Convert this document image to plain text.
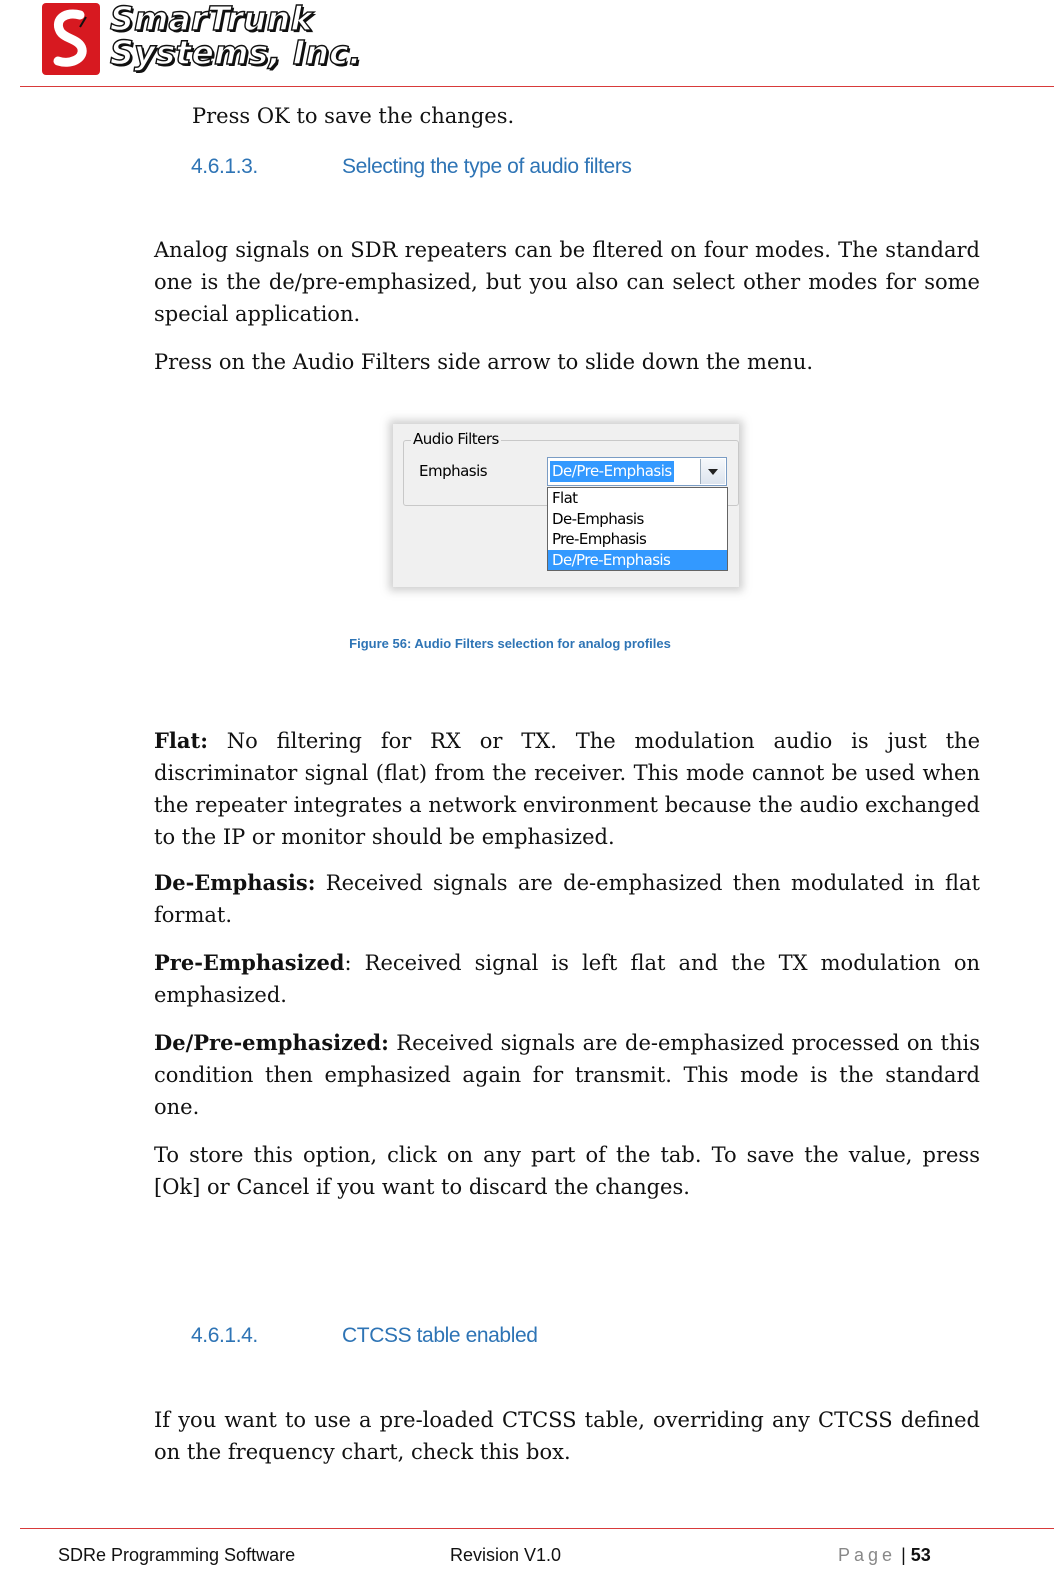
SmarTrunk
Systems, Inc.
Press OK to save the changes.
4.6.1.3.	Selecting the type of audio filters
Analog signals on SDR repeaters can be fltered on four modes. The standard one is the de/pre-emphasized, but you also can select other modes for some special application.
Press on the Audio Filters side arrow to slide down the menu.
Audio Filters
Emphasis	De/Pre-Emphasis
Flat
De-Emphasis
Pre-Emphasis
De/Pre-Emphasis
Figure 56: Audio Filters selection for analog profiles
Flat: No filtering for RX or TX. The modulation audio is just the discriminator signal (flat) from the receiver. This mode cannot be used when the repeater integrates a network environment because the audio exchanged to the IP or monitor should be emphasized.
De-Emphasis: Received signals are de-emphasized then modulated in flat format.
Pre-Emphasized: Received signal is left flat and the TX modulation on emphasized.
De/Pre-emphasized: Received signals are de-emphasized processed on this condition then emphasized again for transmit. This mode is the standard one.
To store this option, click on any part of the tab. To save the value, press [Ok] or Cancel if you want to discard the changes.
4.6.1.4.	CTCSS table enabled
If you want to use a pre-loaded CTCSS table, overriding any CTCSS defined on the frequency chart, check this box.
SDRe Programming Software	Revision V1.0	Page | 53
